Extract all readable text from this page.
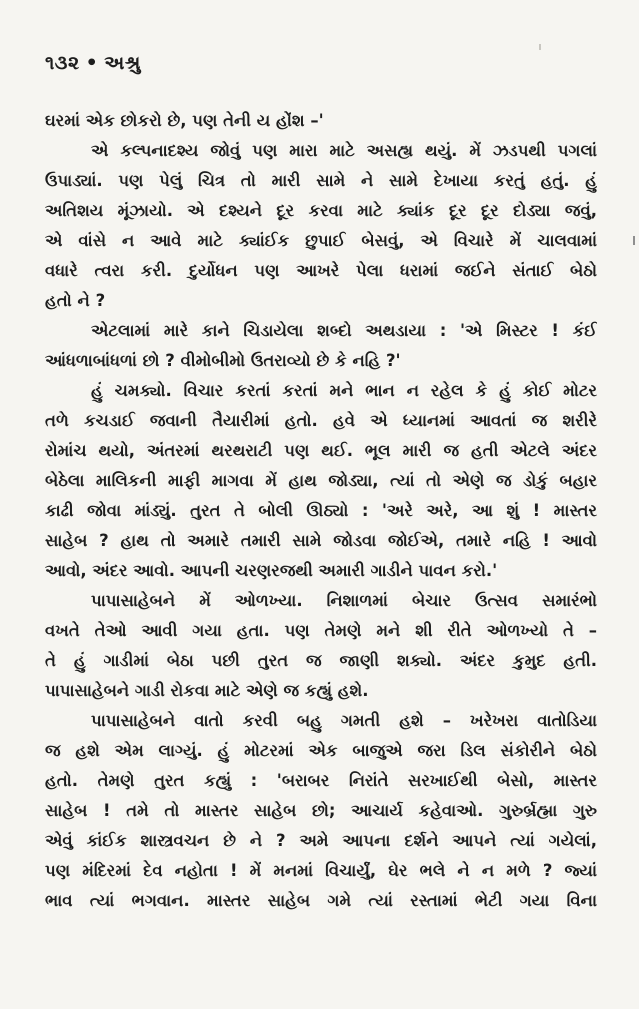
૧૩૨ • અશ્રુ
ઘરમાં એક છોકરો છે, પણ તેની ય હોંશ –'
એ કલ્પનાદશ્ય જોવું પણ મારા માટે અસહ્ય થયું. મેં ઝડપથી પગલાં
ઉપાડ્યાં. પણ પેલું ચિત્ર તો મારી સામે ને સામે દેખાયા કરતું હતું. હું
અતિશય મૂંઝાયો. એ દશ્યને દૂર કરવા માટે ક્યાંક દૂર દૂર દોડ્યા જવું,
એ વાંસે ન આવે માટે ક્યાંઈક છુપાઈ બેસવું, એ વિચારે મેં ચાલવામાં
વધારે ત્વરા કરી. દુર્યોધન પણ આખરે પેલા ધરામાં જઈને સંતાઈ બેઠો
હતો ને ?
એટલામાં મારે કાને ચિડાયેલા શબ્દો અથડાયા : 'એ મિસ્ટર ! કંઈ
આંધળાબાંધળાં છો ? વીમોબીમો ઉતરાવ્યો છે કે નહિ ?'
હું ચમક્યો. વિચાર કરતાં કરતાં મને ભાન ન રહેલ કે હું કોઈ મોટર
તળે કચડાઈ જવાની તૈયારીમાં હતો. હવે એ ધ્યાનમાં આવતાં જ શરીરે
રોમાંચ થયો, અંતરમાં થરથરાટી પણ થઈ. ભૂલ મારી જ હતી એટલે અંદર
બેઠેલા માલિકની માફી માગવા મેં હાથ જોડ્યા, ત્યાં તો એણે જ ડોકું બહાર
કાઢી જોવા માંડ્યું. તુરત તે બોલી ઊઠ્યો : 'અરે અરે, આ શું ! માસ્તર
સાહેબ ? હાથ તો અમારે તમારી સામે જોડવા જોઈએ, તમારે નહિ ! આવો
આવો, અંદર આવો. આપની ચરણરજથી અમારી ગાડીને પાવન કરો.'
પાપાસાહેબને મેં ઓળખ્યા. નિશાળમાં બેચાર ઉત્સવ સમારંભો
વખતે તેઓ આવી ગયા હતા. પણ તેમણે મને શી રીતે ઓળખ્યો તે –
તે હું ગાડીમાં બેઠા પછી તુરત જ જાણી શક્યો. અંદર કુમુદ હતી.
પાપાસાહેબને ગાડી રોકવા માટે એણે જ કહ્યું હશે.
પાપાસાહેબને વાતો કરવી બહુ ગમતી હશે – ખરેખરા વાતોડિયા
જ હશે એમ લાગ્યું. હું મોટરમાં એક બાજુએ જરા ડિલ સંકોરીને બેઠો
હતો. તેમણે તુરત કહ્યું : 'બરાબર નિરાંતે સરખાઈથી બેસો, માસ્તર
સાહેબ ! તમે તો માસ્તર સાહેબ છો; આચાર્ય કહેવાઓ. ગુરુર્બ્રહ્મા ગુરુ
એવું કાંઈક શાસ્ત્રવચન છે ને ? અમે આપના દર્શને આપને ત્યાં ગયેલાં,
પણ મંદિરમાં દેવ નહોતા ! મેં મનમાં વિચાર્યું, ઘેર ભલે ને ન મળે ? જ્યાં
ભાવ ત્યાં ભગવાન. માસ્તર સાહેબ ગમે ત્યાં રસ્તામાં ભેટી ગયા વિના
